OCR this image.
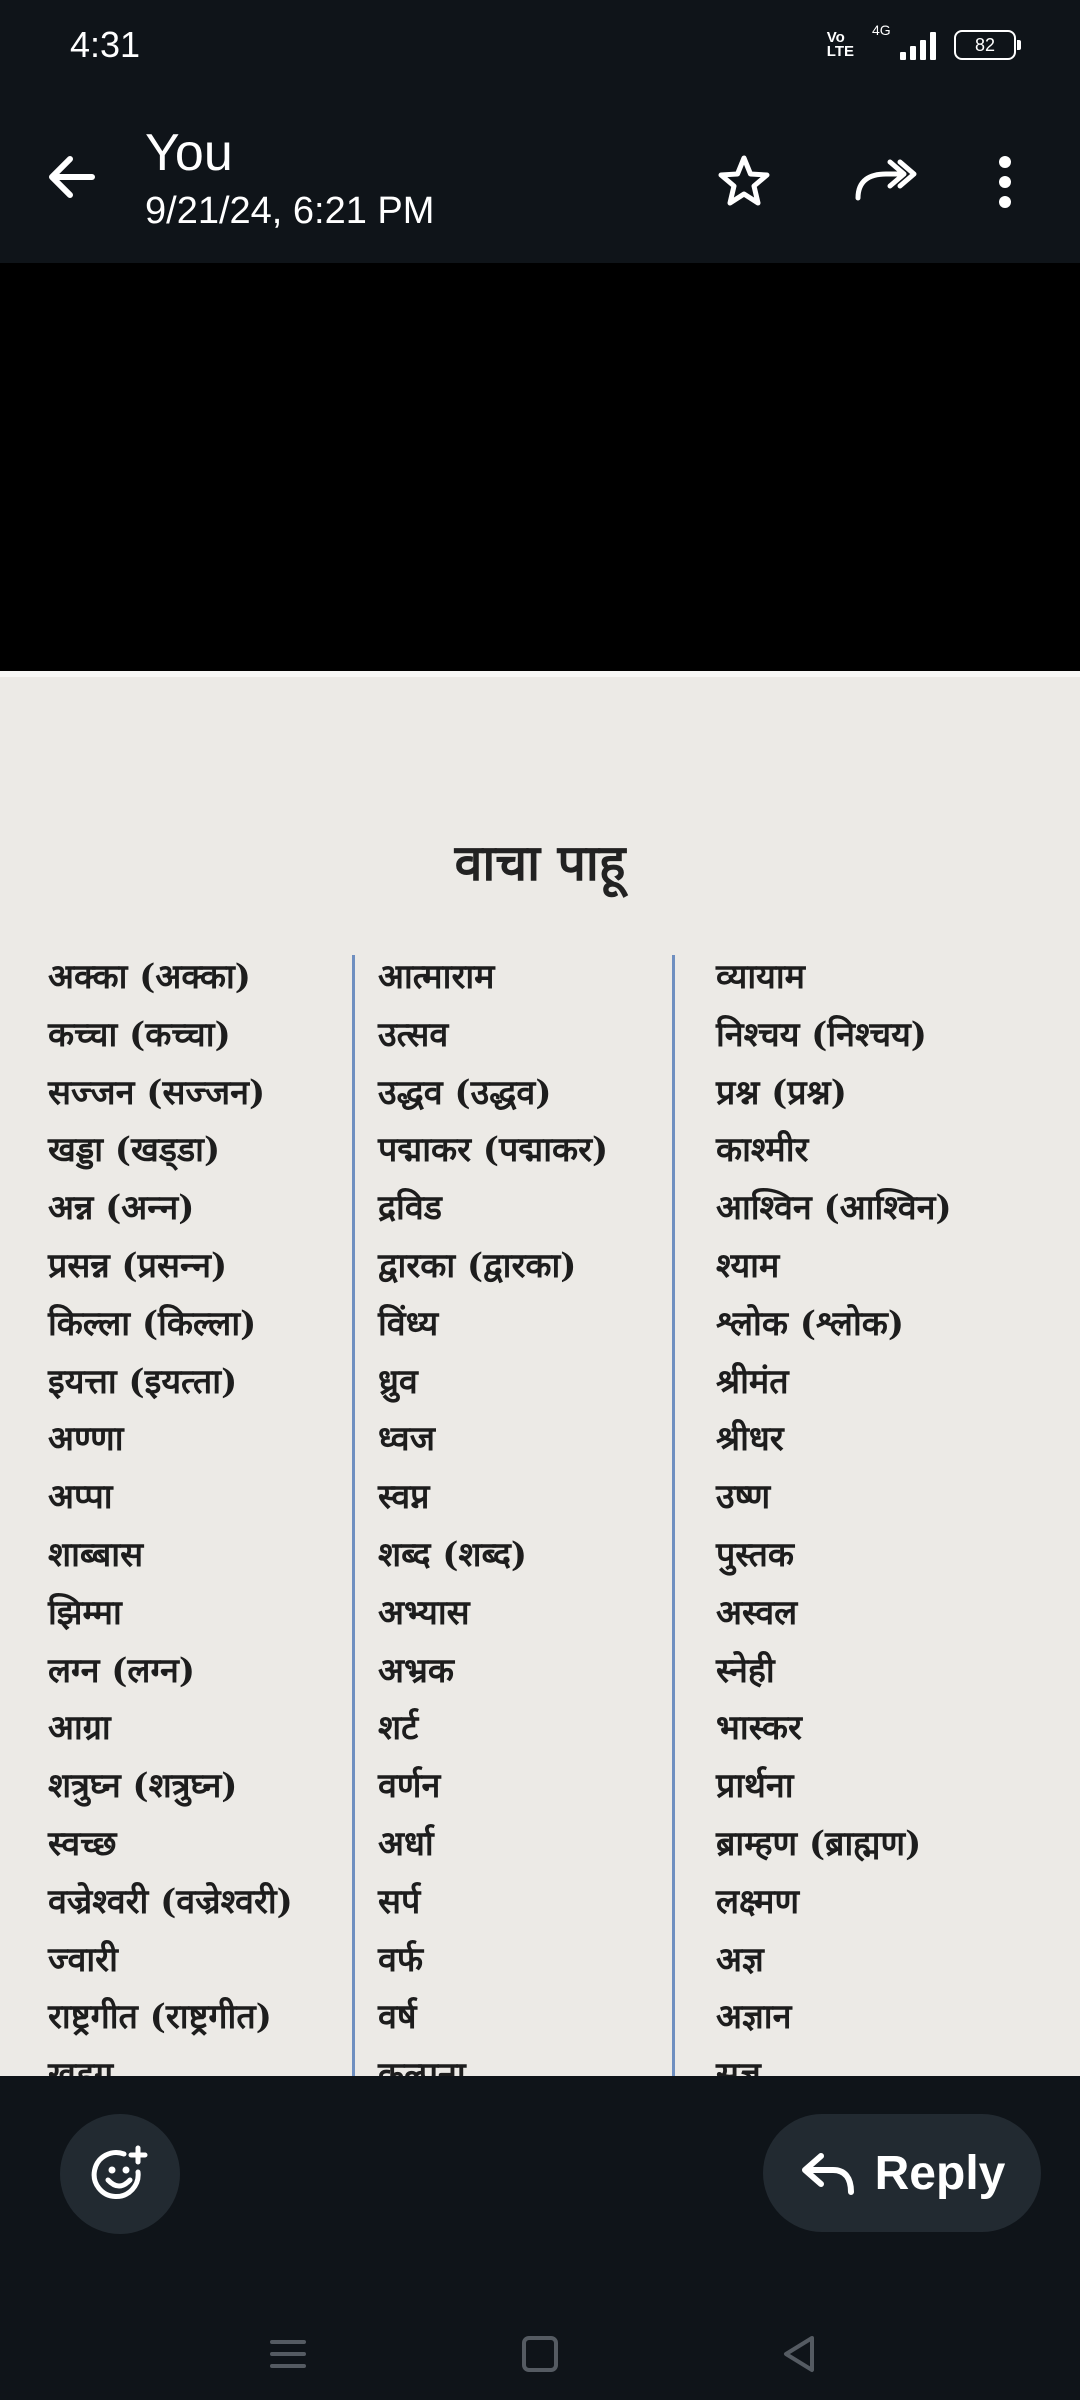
4:31	Vo
LTE
4G
82
You
9/21/24, 6:21 PM
वाचा पाहू
अक्का (अक्‍का)
कच्चा (कच्‍चा)
सज्जन (सज्‍जन)
खड्डा (खड्‍डा)
अन्न (अन्‍न)
प्रसन्न (प्रसन्‍न)
किल्ला (किल्‍ला)
इयत्ता (इयत्‍ता)
अण्णा
अप्पा
शाब्बास
झिम्मा
लग्न (लग्‍न)
आग्रा
शत्रुघ्न (शत्रुघ्‍न)
स्वच्छ
वज्रेश्वरी (वज्रेश्‍वरी)
ज्वारी
राष्ट्रगीत (राष्ट्रगीत)
आत्माराम
उत्सव
उद्धव (उद्धव)
पद्माकर (पद्माकर)
द्रविड
द्वारका (द्वारका)
विंध्य
ध्रुव
ध्वज
स्वप्न
शब्द (शब्द)
अभ्यास
अभ्रक
शर्ट
वर्णन
अर्धा
सर्प
वर्फ
वर्ष
व्यायाम
निश्चय (निश्चय)
प्रश्न (प्रश्न)
काश्मीर
आश्विन (आश्विन)
श्याम
श्लोक (श्लोक)
श्रीमंत
श्रीधर
उष्ण
पुस्तक
अस्वल
स्नेही
भास्कर
प्रार्थना
ब्राम्हण (ब्राह्मण)
लक्ष्मण
अज्ञ
अज्ञान
Reply
